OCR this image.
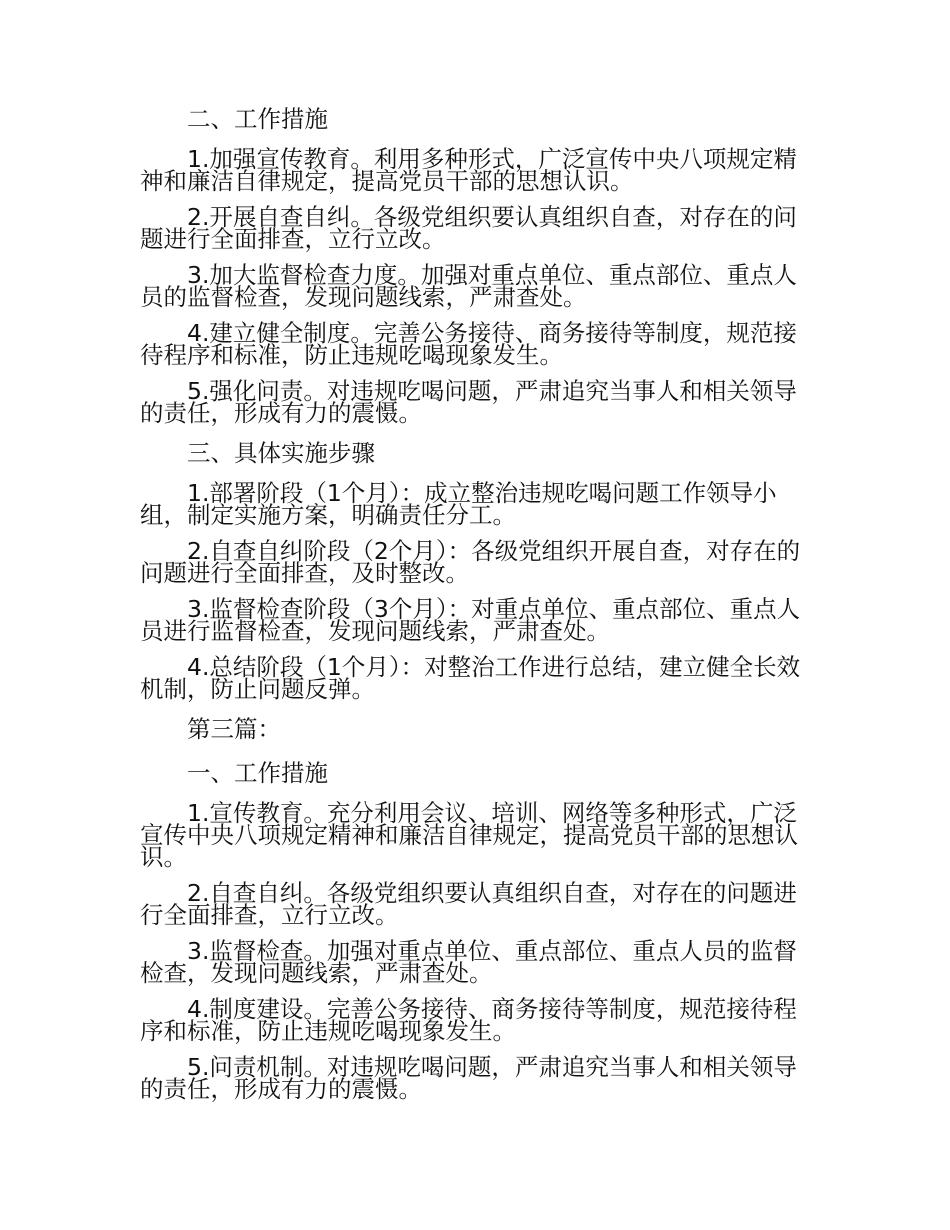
二、工作措施

1.加强宣传教育。利用多种形式，广泛宣传中央八项规定精神和廉洁自律规定，提高党员干部的思想认识。

2.开展自查自纠。各级党组织要认真组织自查，对存在的问题进行全面排查，立行立改。

3.加大监督检查力度。加强对重点单位、重点部位、重点人员的监督检查，发现问题线索，严肃查处。

4.建立健全制度。完善公务接待、商务接待等制度，规范接待程序和标准，防止违规吃喝现象发生。

5.强化问责。对违规吃喝问题，严肃追究当事人和相关领导的责任，形成有力的震慑。

三、具体实施步骤

1.部署阶段（1个月）：成立整治违规吃喝问题工作领导小组，制定实施方案，明确责任分工。

2.自查自纠阶段（2个月）：各级党组织开展自查，对存在的问题进行全面排查，及时整改。

3.监督检查阶段（3个月）：对重点单位、重点部位、重点人员进行监督检查，发现问题线索，严肃查处。

4.总结阶段（1个月）：对整治工作进行总结，建立健全长效机制，防止问题反弹。

第三篇：
一、工作措施

1.宣传教育。充分利用会议、培训、网络等多种形式，广泛宣传中央八项规定精神和廉洁自律规定，提高党员干部的思想认识。

2.自查自纠。各级党组织要认真组织自查，对存在的问题进行全面排查，立行立改。

3.监督检查。加强对重点单位、重点部位、重点人员的监督检查，发现问题线索，严肃查处。

4.制度建设。完善公务接待、商务接待等制度，规范接待程序和标准，防止违规吃喝现象发生。

5.问责机制。对违规吃喝问题，严肃追究当事人和相关领导的责任，形成有力的震慑。
